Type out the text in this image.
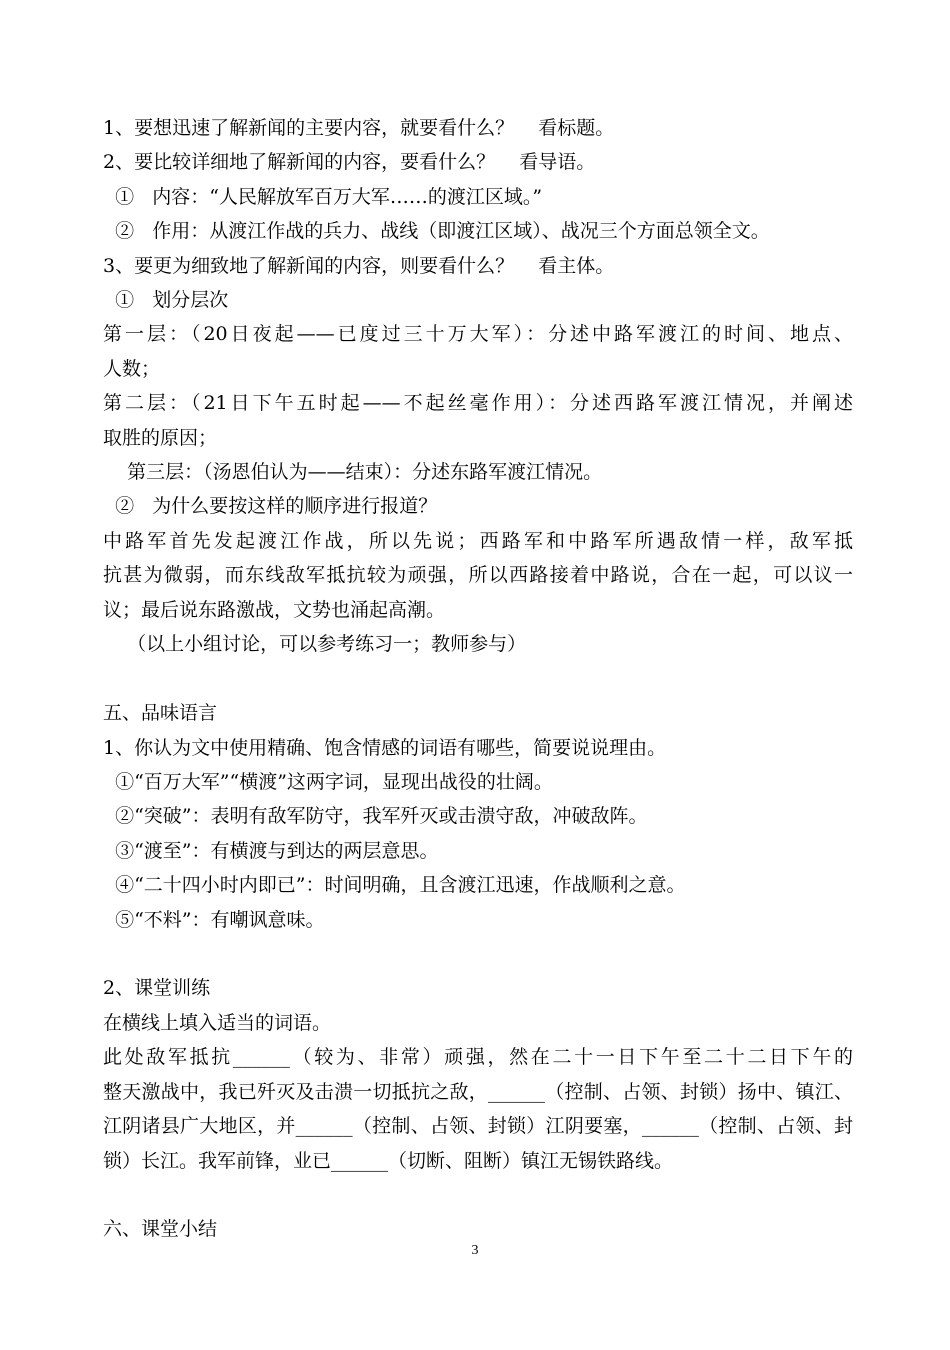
1、要想迅速了解新闻的主要内容，就要看什么？    看标题。
2、要比较详细地了解新闻的内容，要看什么？    看导语。
①   内容：“人民解放军百万大军……的渡江区域。”
②   作用：从渡江作战的兵力、战线（即渡江区域）、战况三个方面总领全文。
3、要更为细致地了解新闻的内容，则要看什么？    看主体。
①   划分层次
第一层：（20日夜起——已度过三十万大军）：分述中路军渡江的时间、地点、
人数；
第二层：（21日下午五时起——不起丝毫作用）：分述西路军渡江情况，并阐述
取胜的原因；
第三层：（汤恩伯认为——结束）：分述东路军渡江情况。
②   为什么要按这样的顺序进行报道？
中路军首先发起渡江作战，所以先说；西路军和中路军所遇敌情一样，敌军抵
抗甚为微弱，而东线敌军抵抗较为顽强，所以西路接着中路说，合在一起，可以议一
议；最后说东路激战，文势也涌起高潮。
（以上小组讨论，可以参考练习一；教师参与）
五、品味语言
1、你认为文中使用精确、饱含情感的词语有哪些，简要说说理由。
①“百万大军”“横渡”这两字词，显现出战役的壮阔。
②“突破”：表明有敌军防守，我军歼灭或击溃守敌，冲破敌阵。
③“渡至”：有横渡与到达的两层意思。
④“二十四小时内即已”：时间明确，且含渡江迅速，作战顺利之意。
⑤“不料”：有嘲讽意味。
2、课堂训练
在横线上填入适当的词语。
此处敌军抵抗______（较为、非常）顽强，然在二十一日下午至二十二日下午的
整天激战中，我已歼灭及击溃一切抵抗之敌，______（控制、占领、封锁）扬中、镇江、
江阴诸县广大地区，并______（控制、占领、封锁）江阴要塞，______（控制、占领、封
锁）长江。我军前锋，业已______（切断、阻断）镇江无锡铁路线。
六、课堂小结
3
